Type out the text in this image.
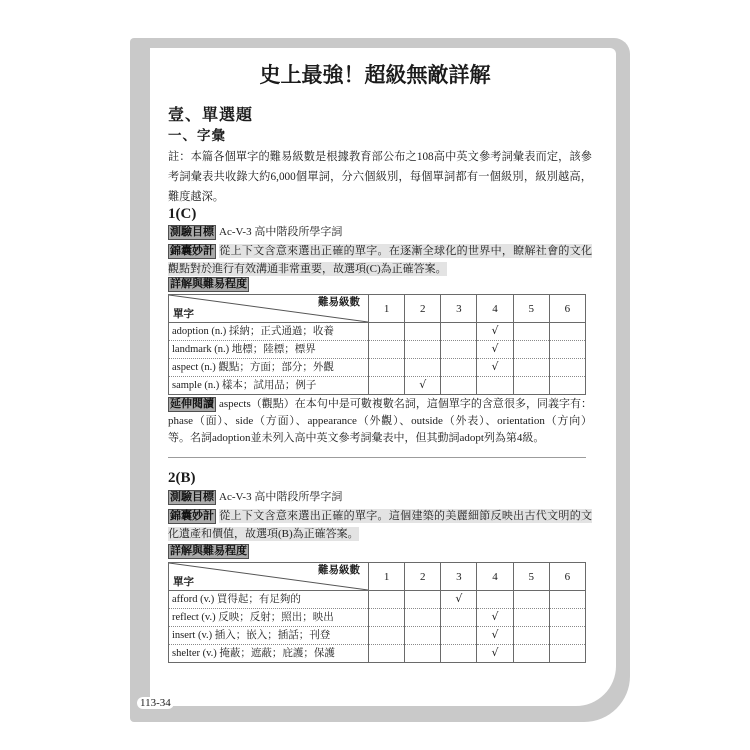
史上最強！超級無敵詳解
壹、單選題
一、字彙

註：本篇各個單字的難易級數是根據教育部公布之108高中英文參考詞彙表而定，該參考詞彙表共收錄大約6,000個單詞，分六個級別，每個單詞都有一個級別，級別越高，難度越深。

1(C)
測驗目標 Ac-V-3 高中階段所學字詞

錦囊妙計 從上下文含意來選出正確的單字。在逐漸全球化的世界中，瞭解社會的文化觀點對於進行有效溝通非常重要，故選項(C)為正確答案。

詳解與難易程度
難易級數
單字	1	2	3	4	5	6
adoption (n.) 採納；正式通過；收養				√		
landmark (n.) 地標；陸標；標界				√		
aspect (n.) 觀點；方面；部分；外觀				√		
sample (n.) 樣本；試用品；例子		√				

延伸閱讀 aspects（觀點）在本句中是可數複數名詞，這個單字的含意很多，同義字有：phase（面）、side（方面）、appearance（外觀）、outside（外表）、orientation（方向）等。名詞adoption並未列入高中英文參考詞彙表中，但其動詞adopt列為第4級。

2(B)
測驗目標 Ac-V-3 高中階段所學字詞

錦囊妙計 從上下文含意來選出正確的單字。這個建築的美麗細節反映出古代文明的文化遺產和價值，故選項(B)為正確答案。

詳解與難易程度
難易級數
單字	1	2	3	4	5	6
afford (v.) 買得起；有足夠的			√			
reflect (v.) 反映；反射；照出；映出				√		
insert (v.) 插入；嵌入；插話；刊登				√		
shelter (v.) 掩蔽；遮蔽；庇護；保護				√		
113-34
